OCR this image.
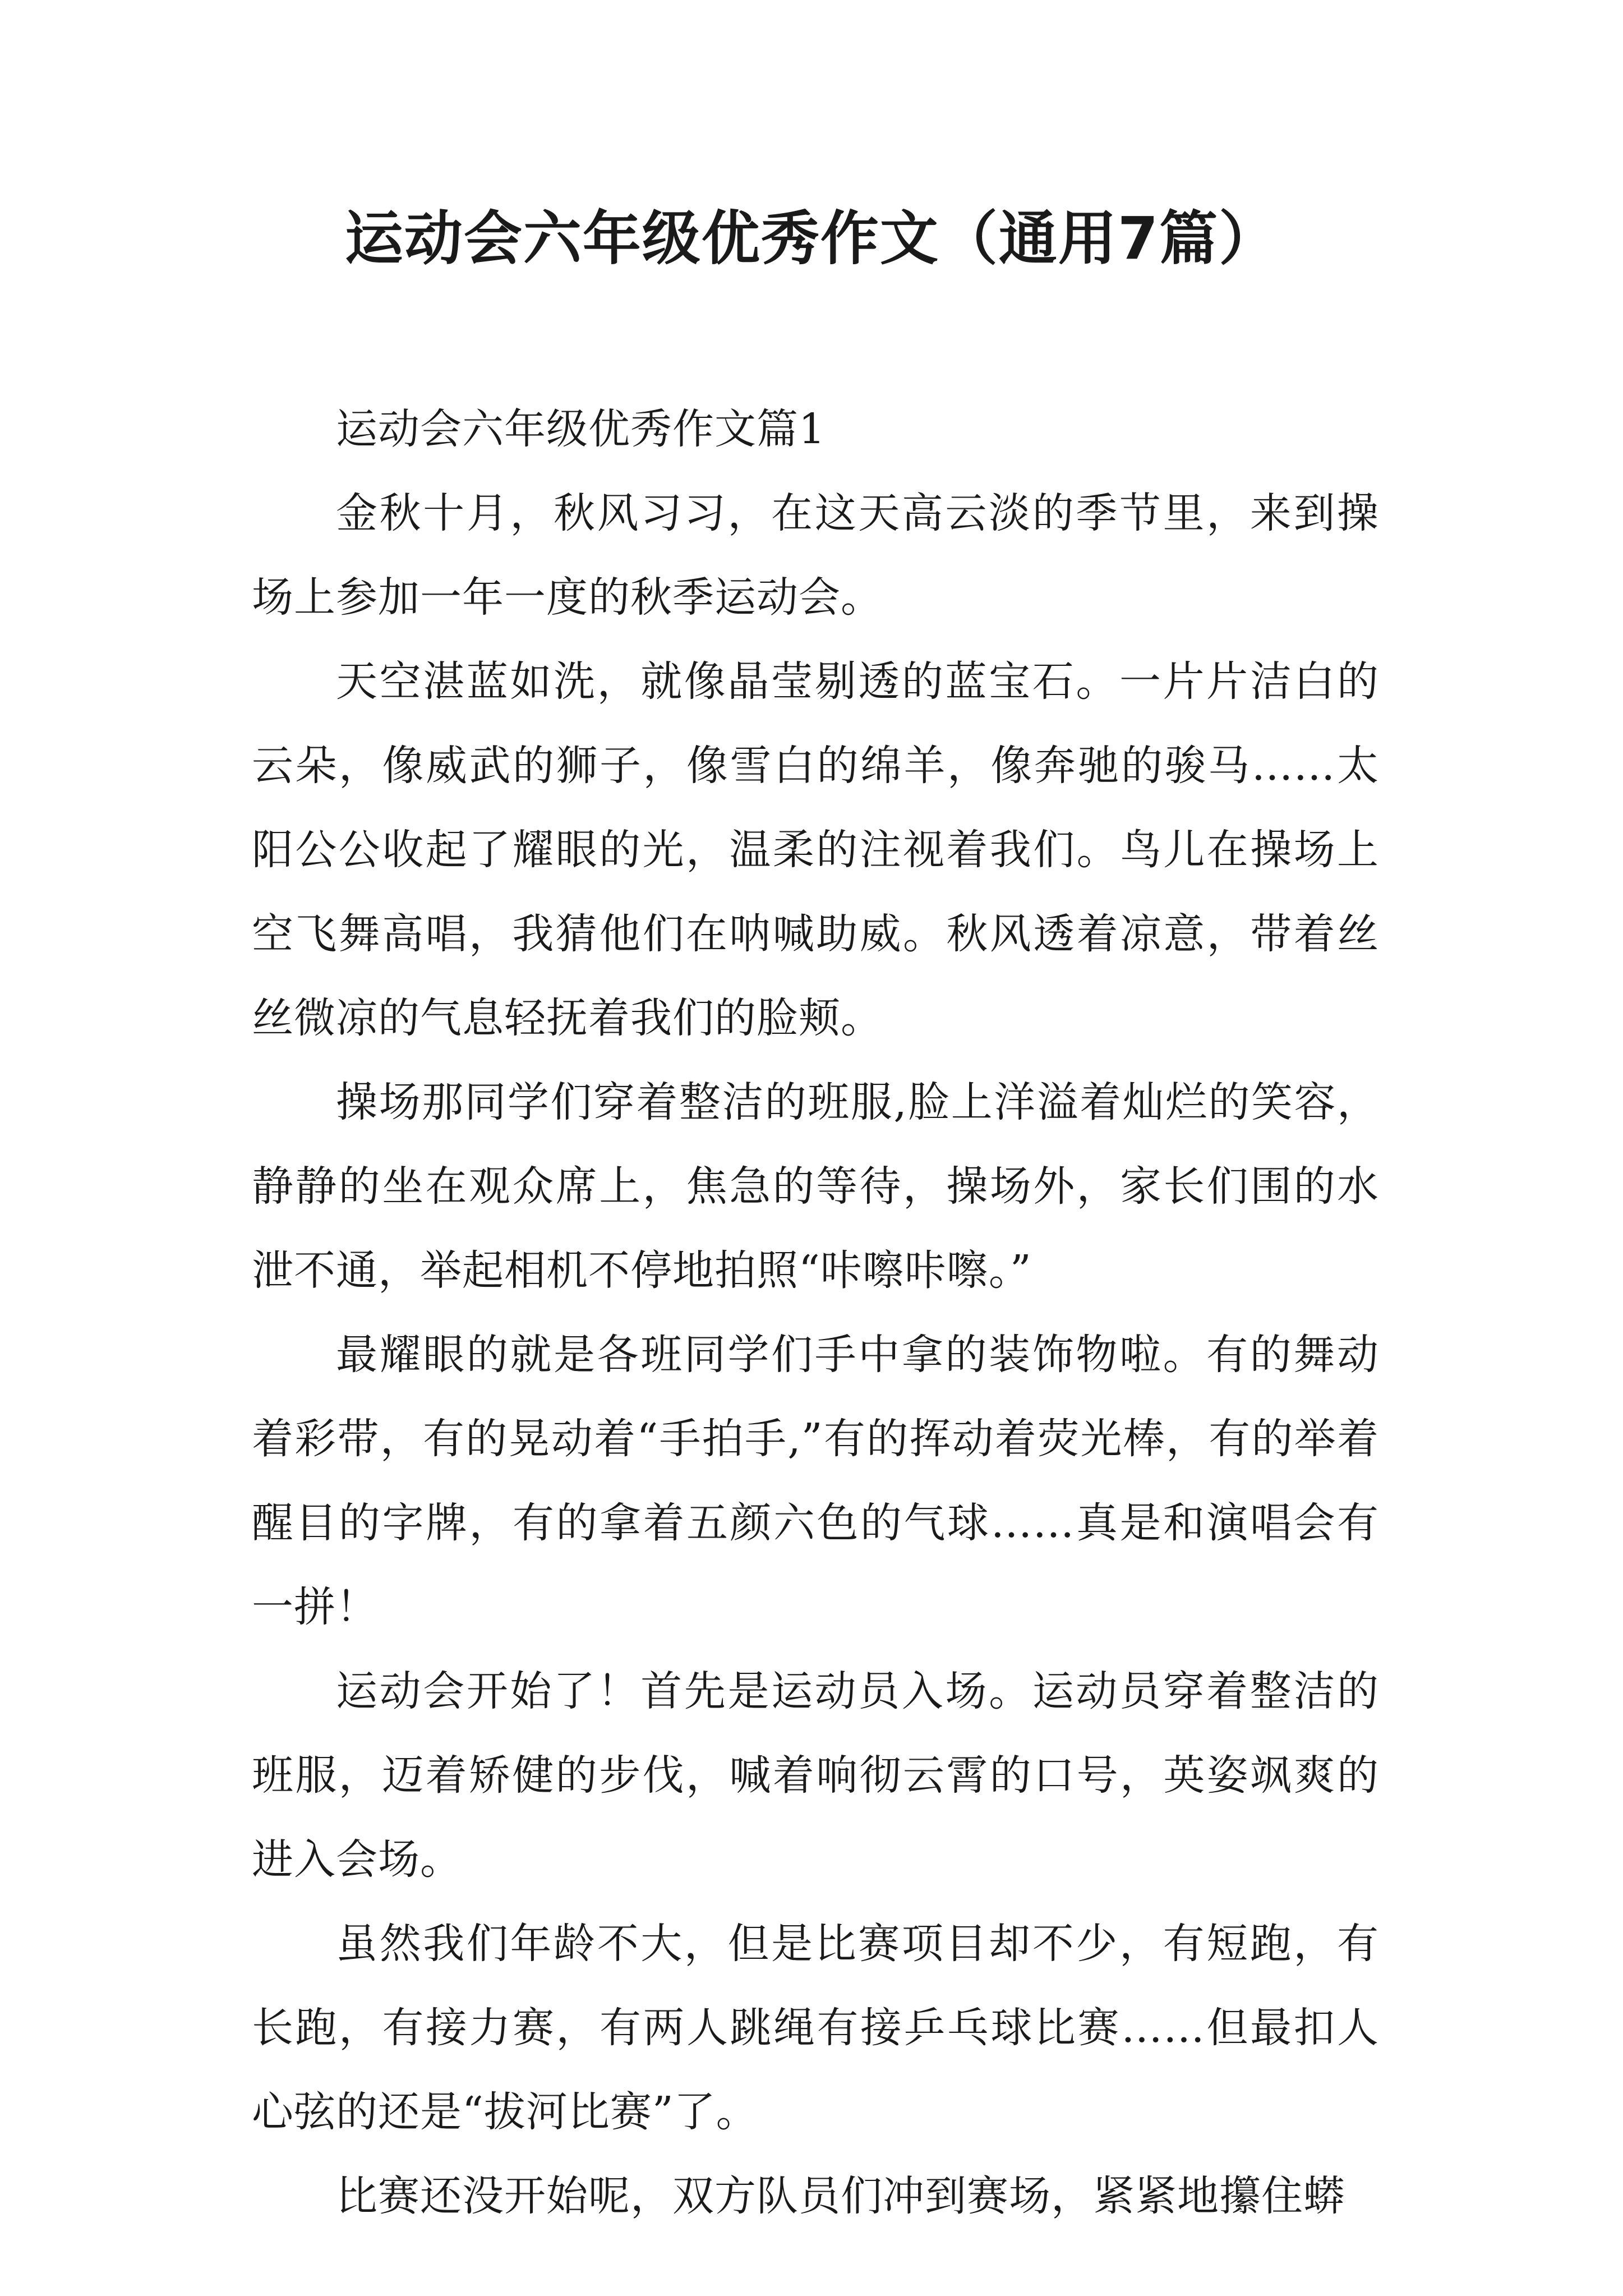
运动会六年级优秀作文（通用7篇）

运动会六年级优秀作文篇1

金秋十月，秋风习习，在这天高云淡的季节里，来到操场上参加一年一度的秋季运动会。

天空湛蓝如洗，就像晶莹剔透的蓝宝石。一片片洁白的云朵，像威武的狮子，像雪白的绵羊，像奔驰的骏马……太阳公公收起了耀眼的光，温柔的注视着我们。鸟儿在操场上空飞舞高唱，我猜他们在呐喊助威。秋风透着凉意，带着丝丝微凉的气息轻抚着我们的脸颊。

操场那同学们穿着整洁的班服,脸上洋溢着灿烂的笑容，静静的坐在观众席上，焦急的等待，操场外，家长们围的水泄不通，举起相机不停地拍照“咔嚓咔嚓。”

最耀眼的就是各班同学们手中拿的装饰物啦。有的舞动着彩带，有的晃动着“手拍手,”有的挥动着荧光棒，有的举着醒目的字牌，有的拿着五颜六色的气球……真是和演唱会有一拼！

运动会开始了！首先是运动员入场。运动员穿着整洁的班服，迈着矫健的步伐，喊着响彻云霄的口号，英姿飒爽的进入会场。

虽然我们年龄不大，但是比赛项目却不少，有短跑，有长跑，有接力赛，有两人跳绳有接乒乓球比赛……但最扣人心弦的还是“拔河比赛”了。

比赛还没开始呢，双方队员们冲到赛场，紧紧地攥住蟒
